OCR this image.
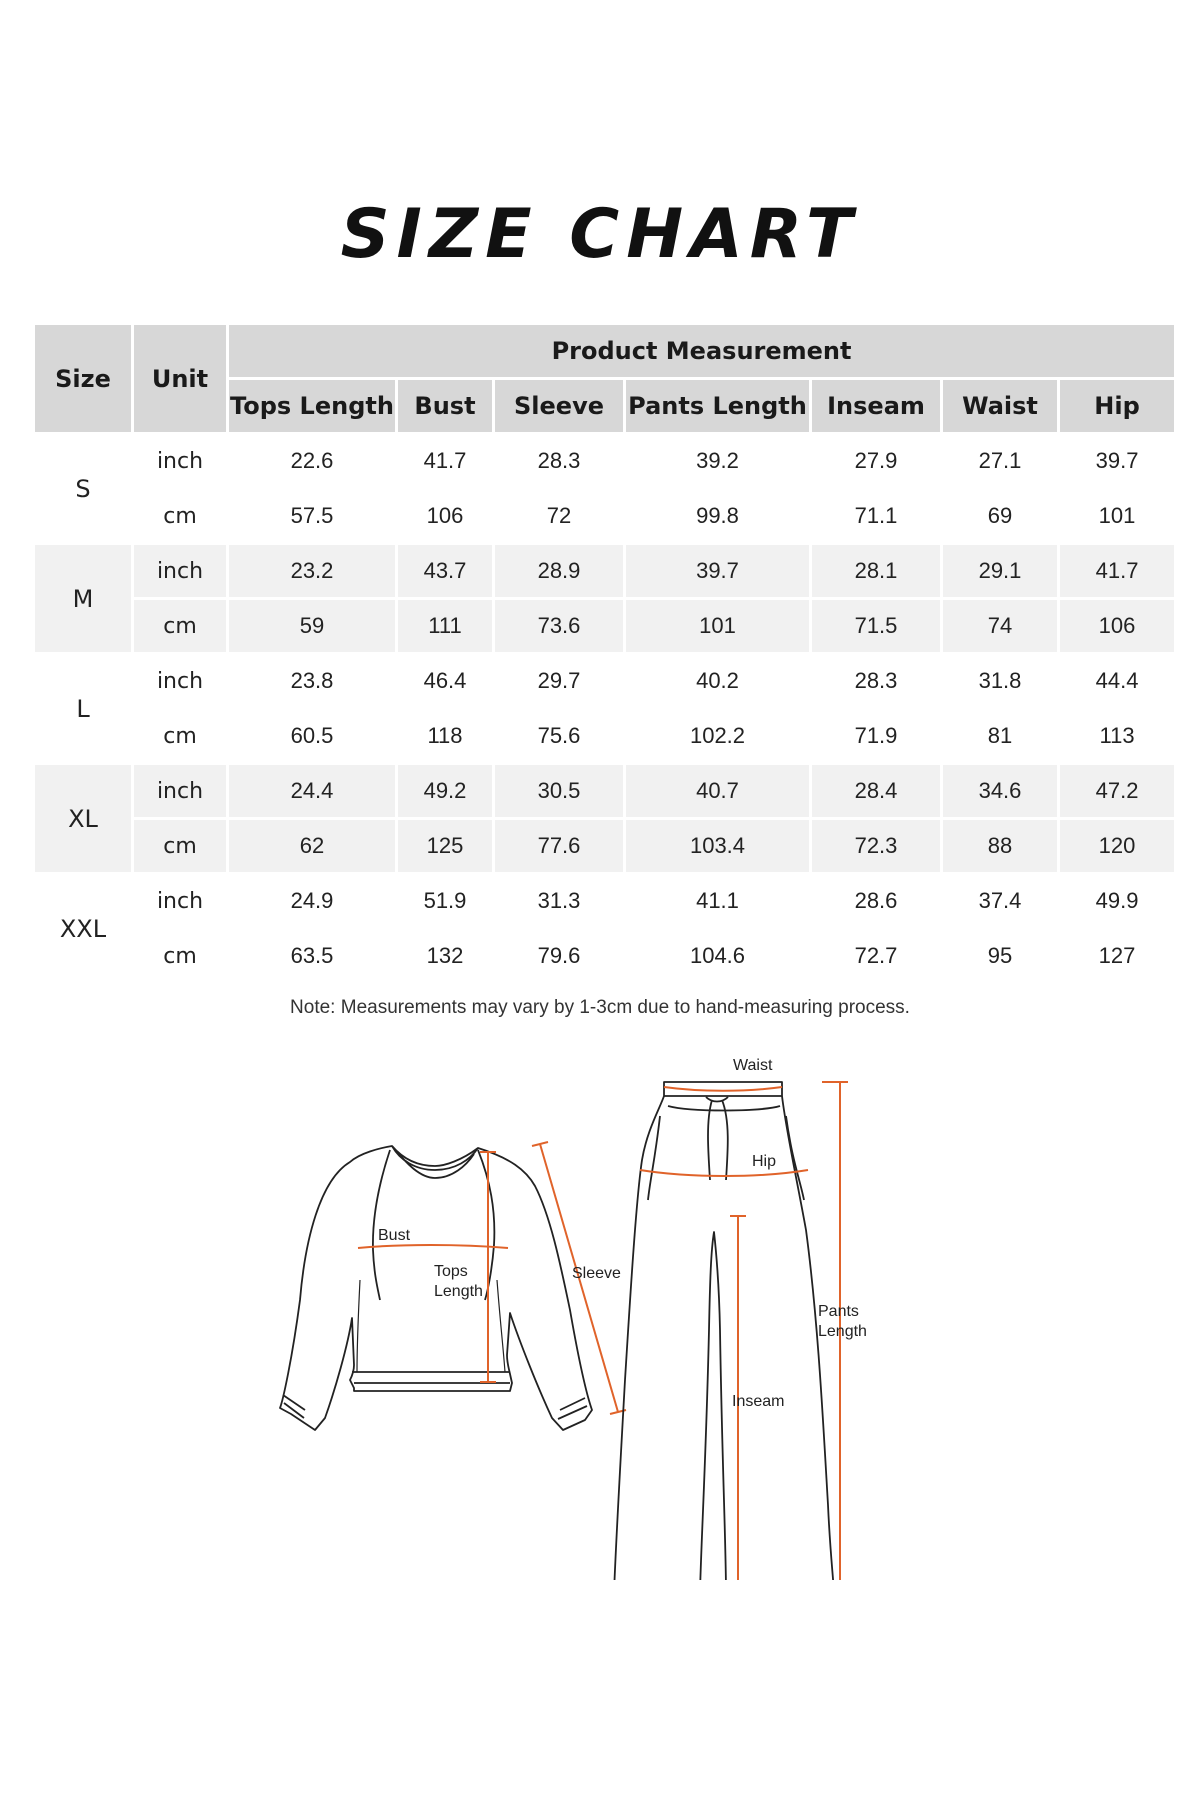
SIZE CHART
Size	Unit	Product Measurement						
		Tops Length	Bust	Sleeve	Pants Length	Inseam	Waist	Hip
S	inch	22.6	41.7	28.3	39.2	27.9	27.1	39.7
	cm	57.5	106	72	99.8	71.1	69	101
M	inch	23.2	43.7	28.9	39.7	28.1	29.1	41.7
	cm	59	111	73.6	101	71.5	74	106
L	inch	23.8	46.4	29.7	40.2	28.3	31.8	44.4
	cm	60.5	118	75.6	102.2	71.9	81	113
XL	inch	24.4	49.2	30.5	40.7	28.4	34.6	47.2
	cm	62	125	77.6	103.4	72.3	88	120
XXL	inch	24.9	51.9	31.3	41.1	28.6	37.4	49.9
	cm	63.5	132	79.6	104.6	72.7	95	127
Note: Measurements may vary by 1-3cm due to hand-measuring process.
Bust
Tops
Length
Sleeve
Waist
Hip
Inseam
Pants
Length
